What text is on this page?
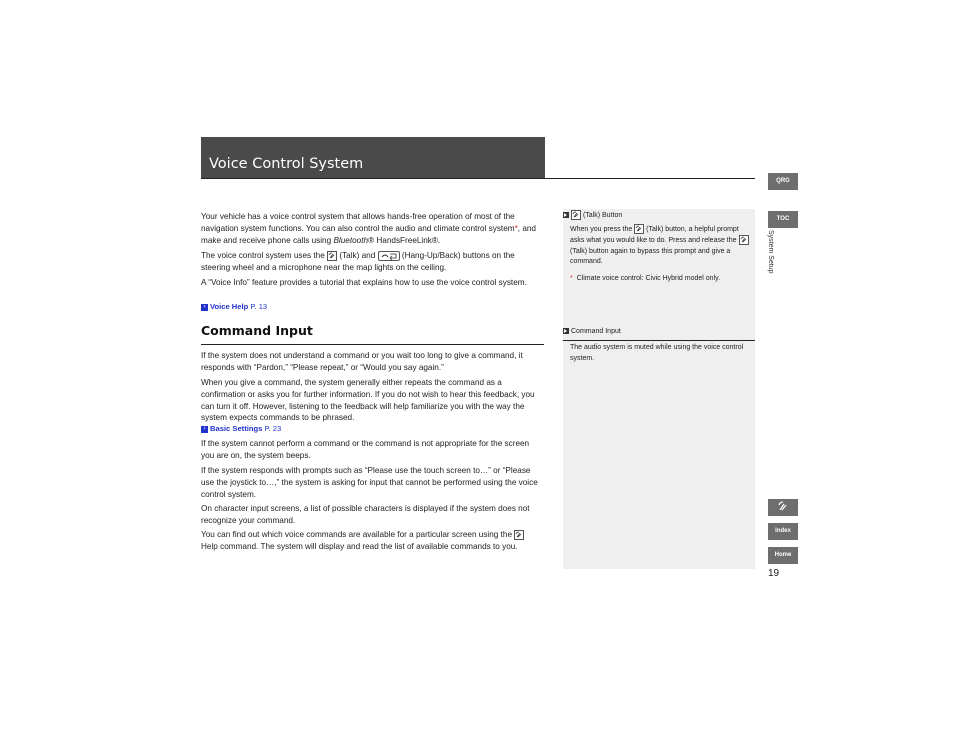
Voice Control System

Your vehicle has a voice control system that allows hands-free operation of most of the navigation system functions. You can also control the audio and climate control system*, and make and receive phone calls using Bluetooth® HandsFreeLink®.

The voice control system uses the (Talk) and	(Hang-Up/Back) buttons on the steering wheel and a microphone near the map lights on the ceiling.

A “Voice Info” feature provides a tutorial that explains how to use the voice control system.

› Voice Help P. 13
Command Input

If the system does not understand a command or you wait too long to give a command, it responds with “Pardon,” “Please repeat,” or “Would you say again.”

When you give a command, the system generally either repeats the command as a confirmation or asks you for further information. If you do not wish to hear this feedback, you can turn it off. However, listening to the feedback will help familiarize you with the way the system expects commands to be phrased.

› Basic Settings P. 23

If the system cannot perform a command or the command is not appropriate for the screen you are on, the system beeps.

If the system responds with prompts such as “Please use the touch screen to…” or “Please use the joystick to…,” the system is asking for input that cannot be performed using the voice control system.

On character input screens, a list of possible characters is displayed if the system does not recognize your command.

You can find out which voice commands are available for a particular screen using the
Help command. The system will display and read the list of available commands to you.

(Talk) Button

When you press the (Talk) button, a helpful prompt asks what you would like to do. Press and release the
(Talk) button again to bypass this prompt and give a command.

* Climate voice control: Civic Hybrid model only.

Command Input

The audio system is muted while using the voice control system.

QRG
TOC
System Setup
Index
Home
19
